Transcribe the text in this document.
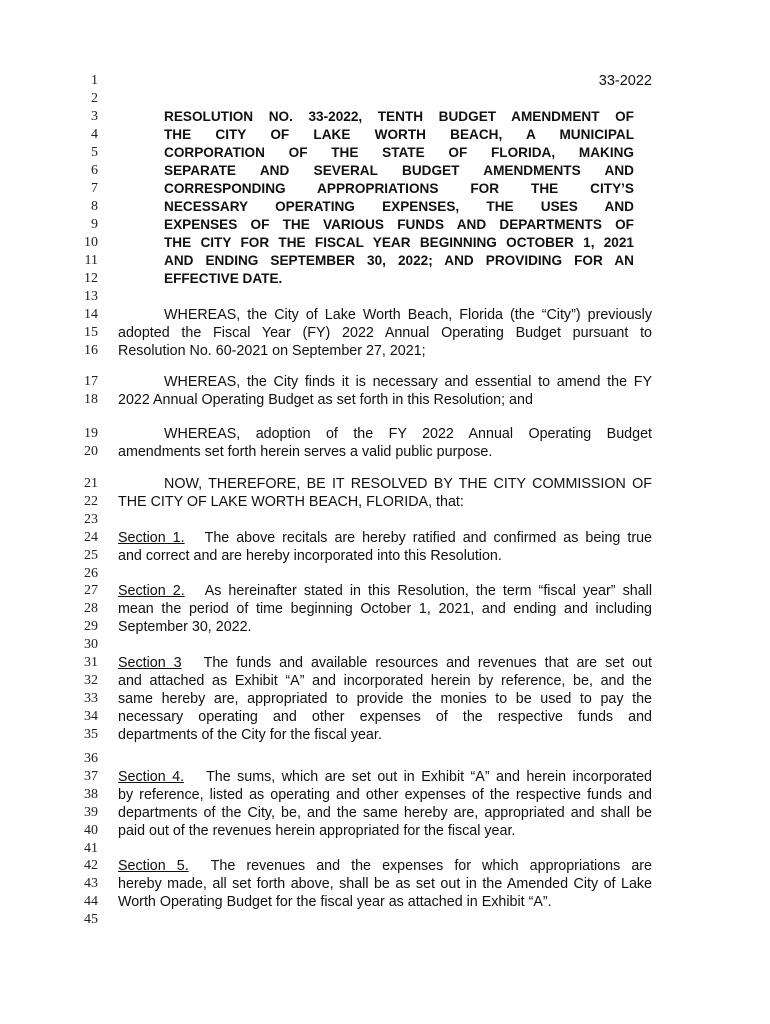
33-2022
1
2
3
4
5
6
7
8
9
10
11
12
13
14
15
16
17
18
19
20
21
22
23
24
25
26
27
28
29
30
31
32
33
34
35
36
37
38
39
40
41
42
43
44
45
RESOLUTION NO. 33-2022, TENTH BUDGET AMENDMENT OF
THE CITY OF LAKE WORTH BEACH, A MUNICIPAL
CORPORATION OF THE STATE OF FLORIDA, MAKING
SEPARATE AND SEVERAL BUDGET AMENDMENTS AND
CORRESPONDING APPROPRIATIONS FOR THE CITY’S
NECESSARY OPERATING EXPENSES, THE USES AND
EXPENSES OF THE VARIOUS FUNDS AND DEPARTMENTS OF
THE CITY FOR THE FISCAL YEAR BEGINNING OCTOBER 1, 2021
AND ENDING SEPTEMBER 30, 2022; AND PROVIDING FOR AN
EFFECTIVE DATE.
WHEREAS, the City of Lake Worth Beach, Florida (the “City”) previously
adopted the Fiscal Year (FY) 2022 Annual Operating Budget pursuant to
Resolution No. 60-2021 on September 27, 2021;
WHEREAS, the City finds it is necessary and essential to amend the FY
2022 Annual Operating Budget as set forth in this Resolution; and
WHEREAS, adoption of the FY 2022 Annual Operating Budget
amendments set forth herein serves a valid public purpose.
NOW, THEREFORE, BE IT RESOLVED BY THE CITY COMMISSION OF
THE CITY OF LAKE WORTH BEACH, FLORIDA, that:
Section 1. The above recitals are hereby ratified and confirmed as being true
and correct and are hereby incorporated into this Resolution.
Section 2. As hereinafter stated in this Resolution, the term “fiscal year” shall
mean the period of time beginning October 1, 2021, and ending and including
September 30, 2022.
Section 3 The funds and available resources and revenues that are set out
and attached as Exhibit “A” and incorporated herein by reference, be, and the
same hereby are, appropriated to provide the monies to be used to pay the
necessary operating and other expenses of the respective funds and
departments of the City for the fiscal year.
Section 4. The sums, which are set out in Exhibit “A” and herein incorporated
by reference, listed as operating and other expenses of the respective funds and
departments of the City, be, and the same hereby are, appropriated and shall be
paid out of the revenues herein appropriated for the fiscal year.
Section 5. The revenues and the expenses for which appropriations are
hereby made, all set forth above, shall be as set out in the Amended City of Lake
Worth Operating Budget for the fiscal year as attached in Exhibit “A”.
